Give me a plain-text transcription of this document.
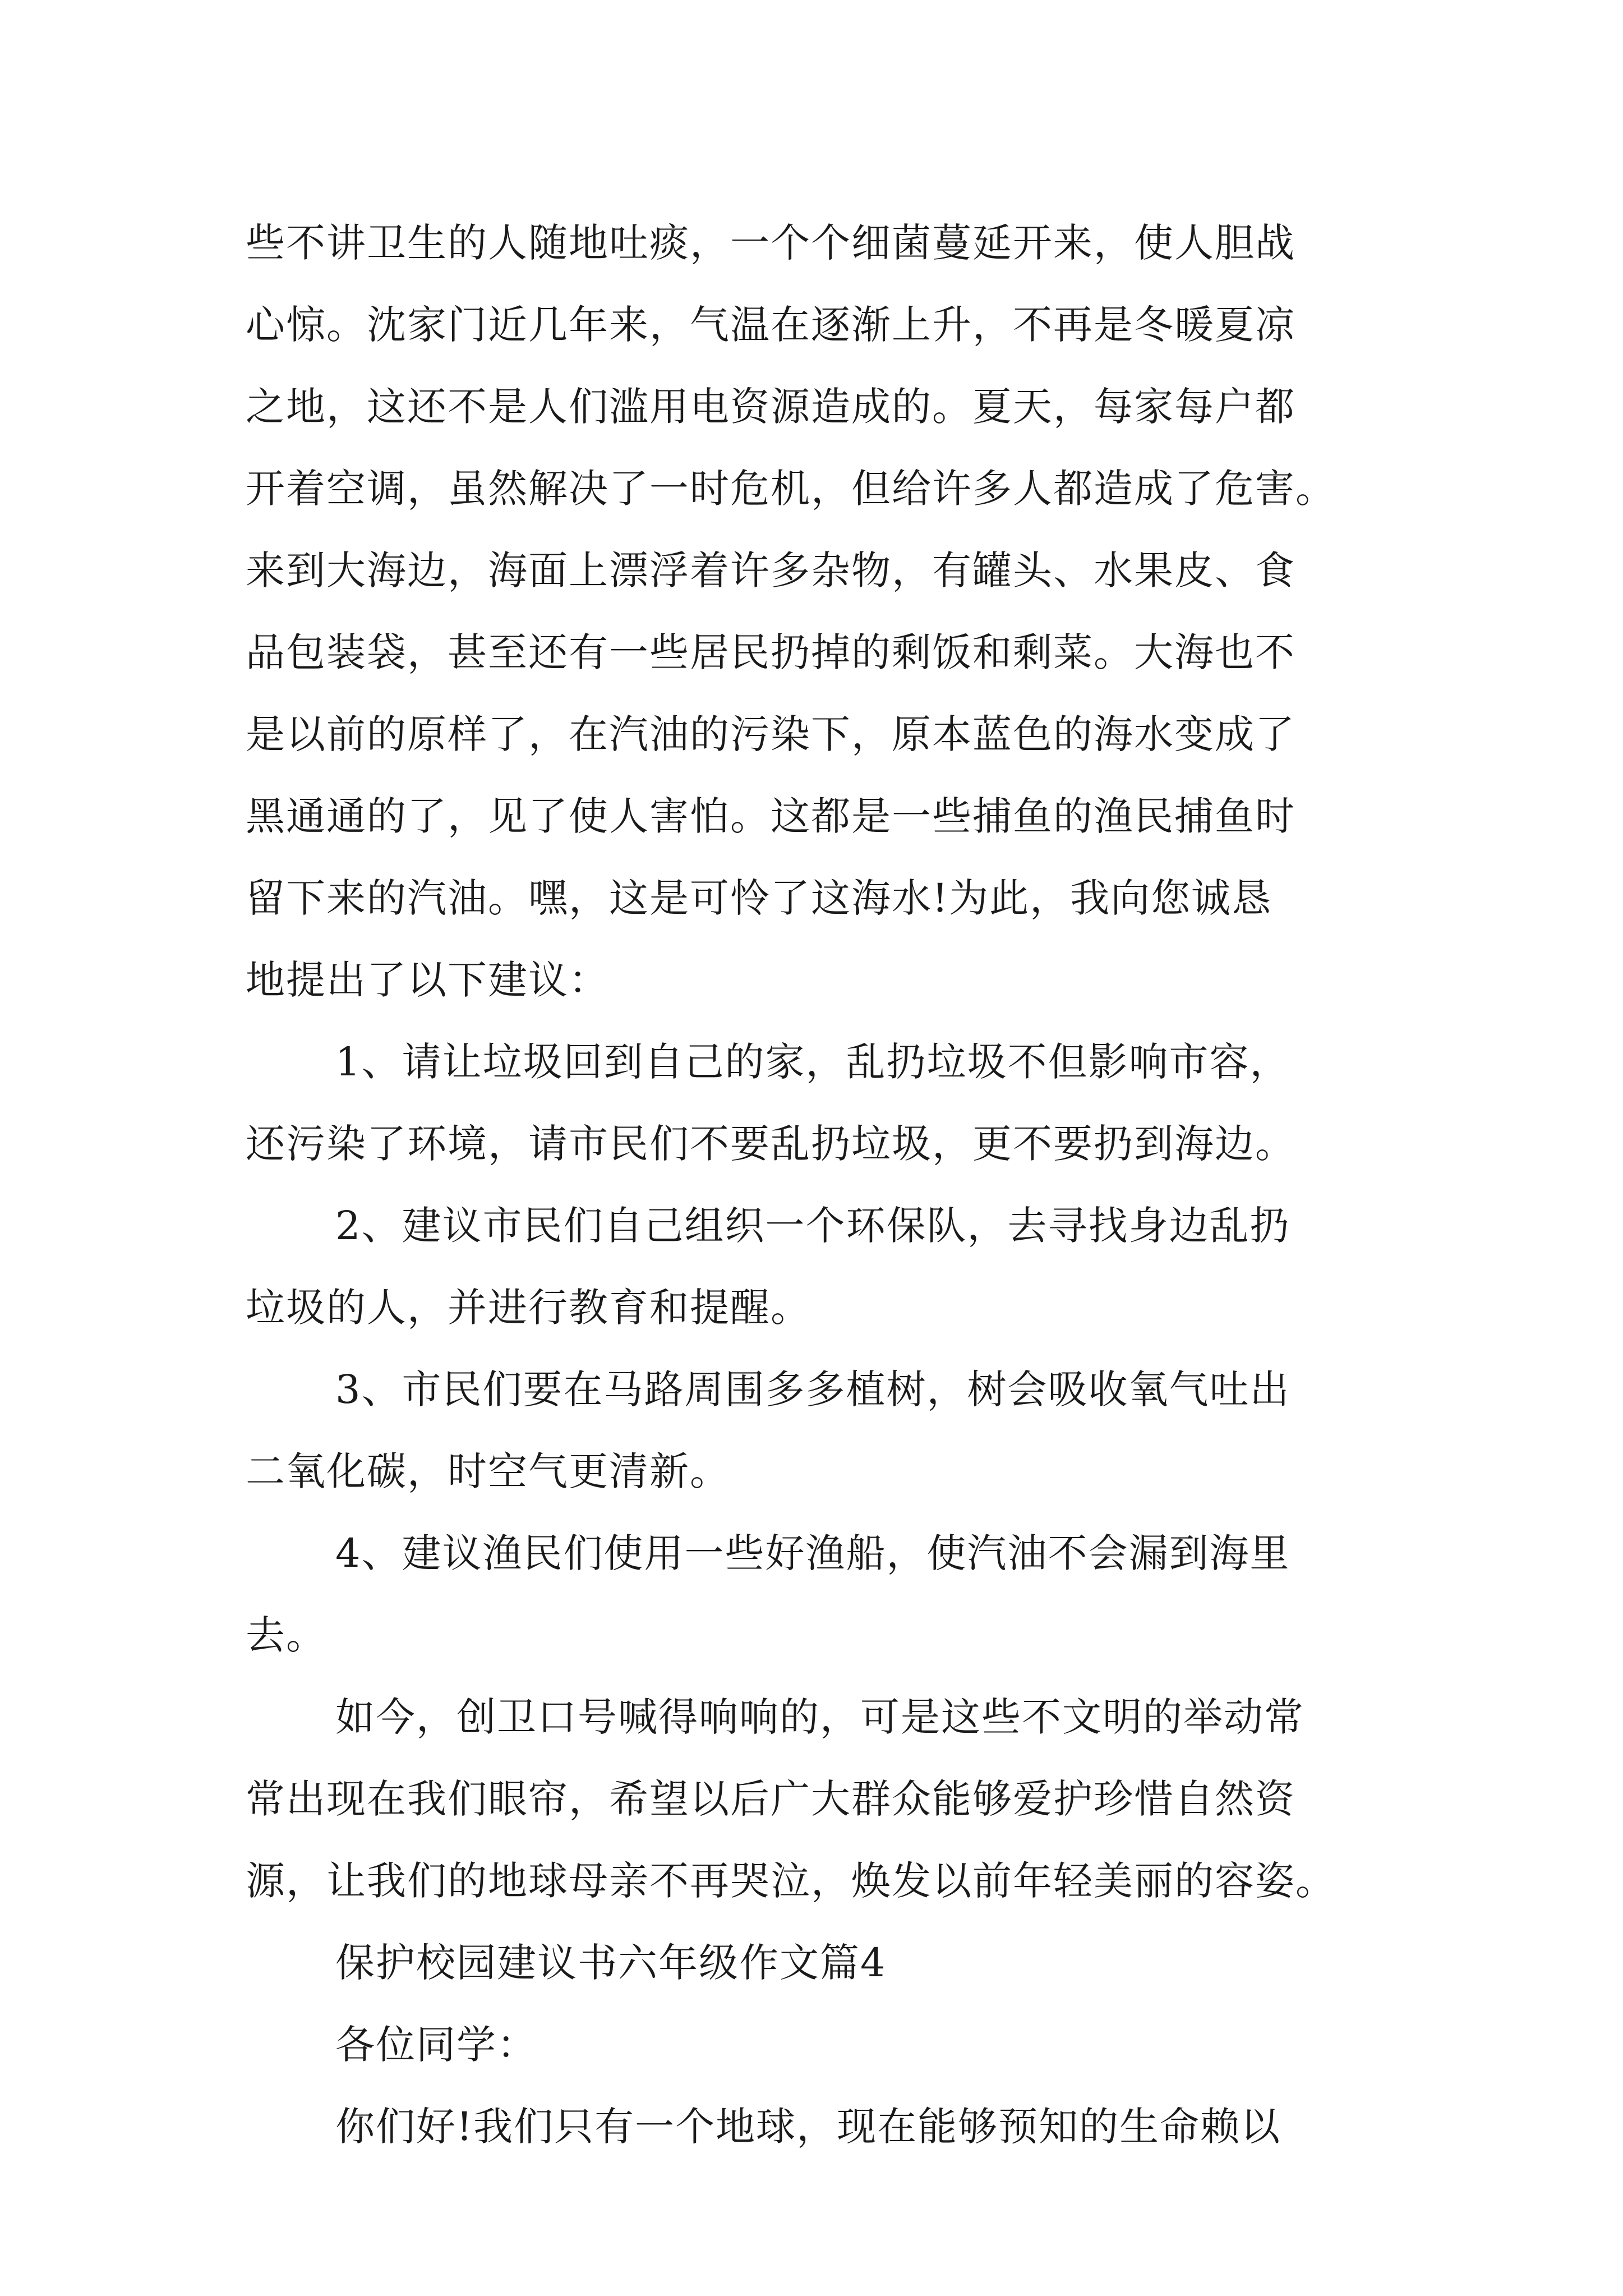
些不讲卫生的人随地吐痰，一个个细菌蔓延开来，使人胆战
心惊。沈家门近几年来，气温在逐渐上升，不再是冬暖夏凉
之地，这还不是人们滥用电资源造成的。夏天，每家每户都
开着空调，虽然解决了一时危机，但给许多人都造成了危害。
来到大海边，海面上漂浮着许多杂物，有罐头、水果皮、食
品包装袋，甚至还有一些居民扔掉的剩饭和剩菜。大海也不
是以前的原样了，在汽油的污染下，原本蓝色的海水变成了
黑通通的了，见了使人害怕。这都是一些捕鱼的渔民捕鱼时
留下来的汽油。嘿，这是可怜了这海水!为此，我向您诚恳
地提出了以下建议：
1、请让垃圾回到自己的家，乱扔垃圾不但影响市容，
还污染了环境，请市民们不要乱扔垃圾，更不要扔到海边。
2、建议市民们自己组织一个环保队，去寻找身边乱扔
垃圾的人，并进行教育和提醒。
3、市民们要在马路周围多多植树，树会吸收氧气吐出
二氧化碳，时空气更清新。
4、建议渔民们使用一些好渔船，使汽油不会漏到海里
去。
如今，创卫口号喊得响响的，可是这些不文明的举动常
常出现在我们眼帘，希望以后广大群众能够爱护珍惜自然资
源，让我们的地球母亲不再哭泣，焕发以前年轻美丽的容姿。
保护校园建议书六年级作文篇4
各位同学：
你们好!我们只有一个地球，现在能够预知的生命赖以
